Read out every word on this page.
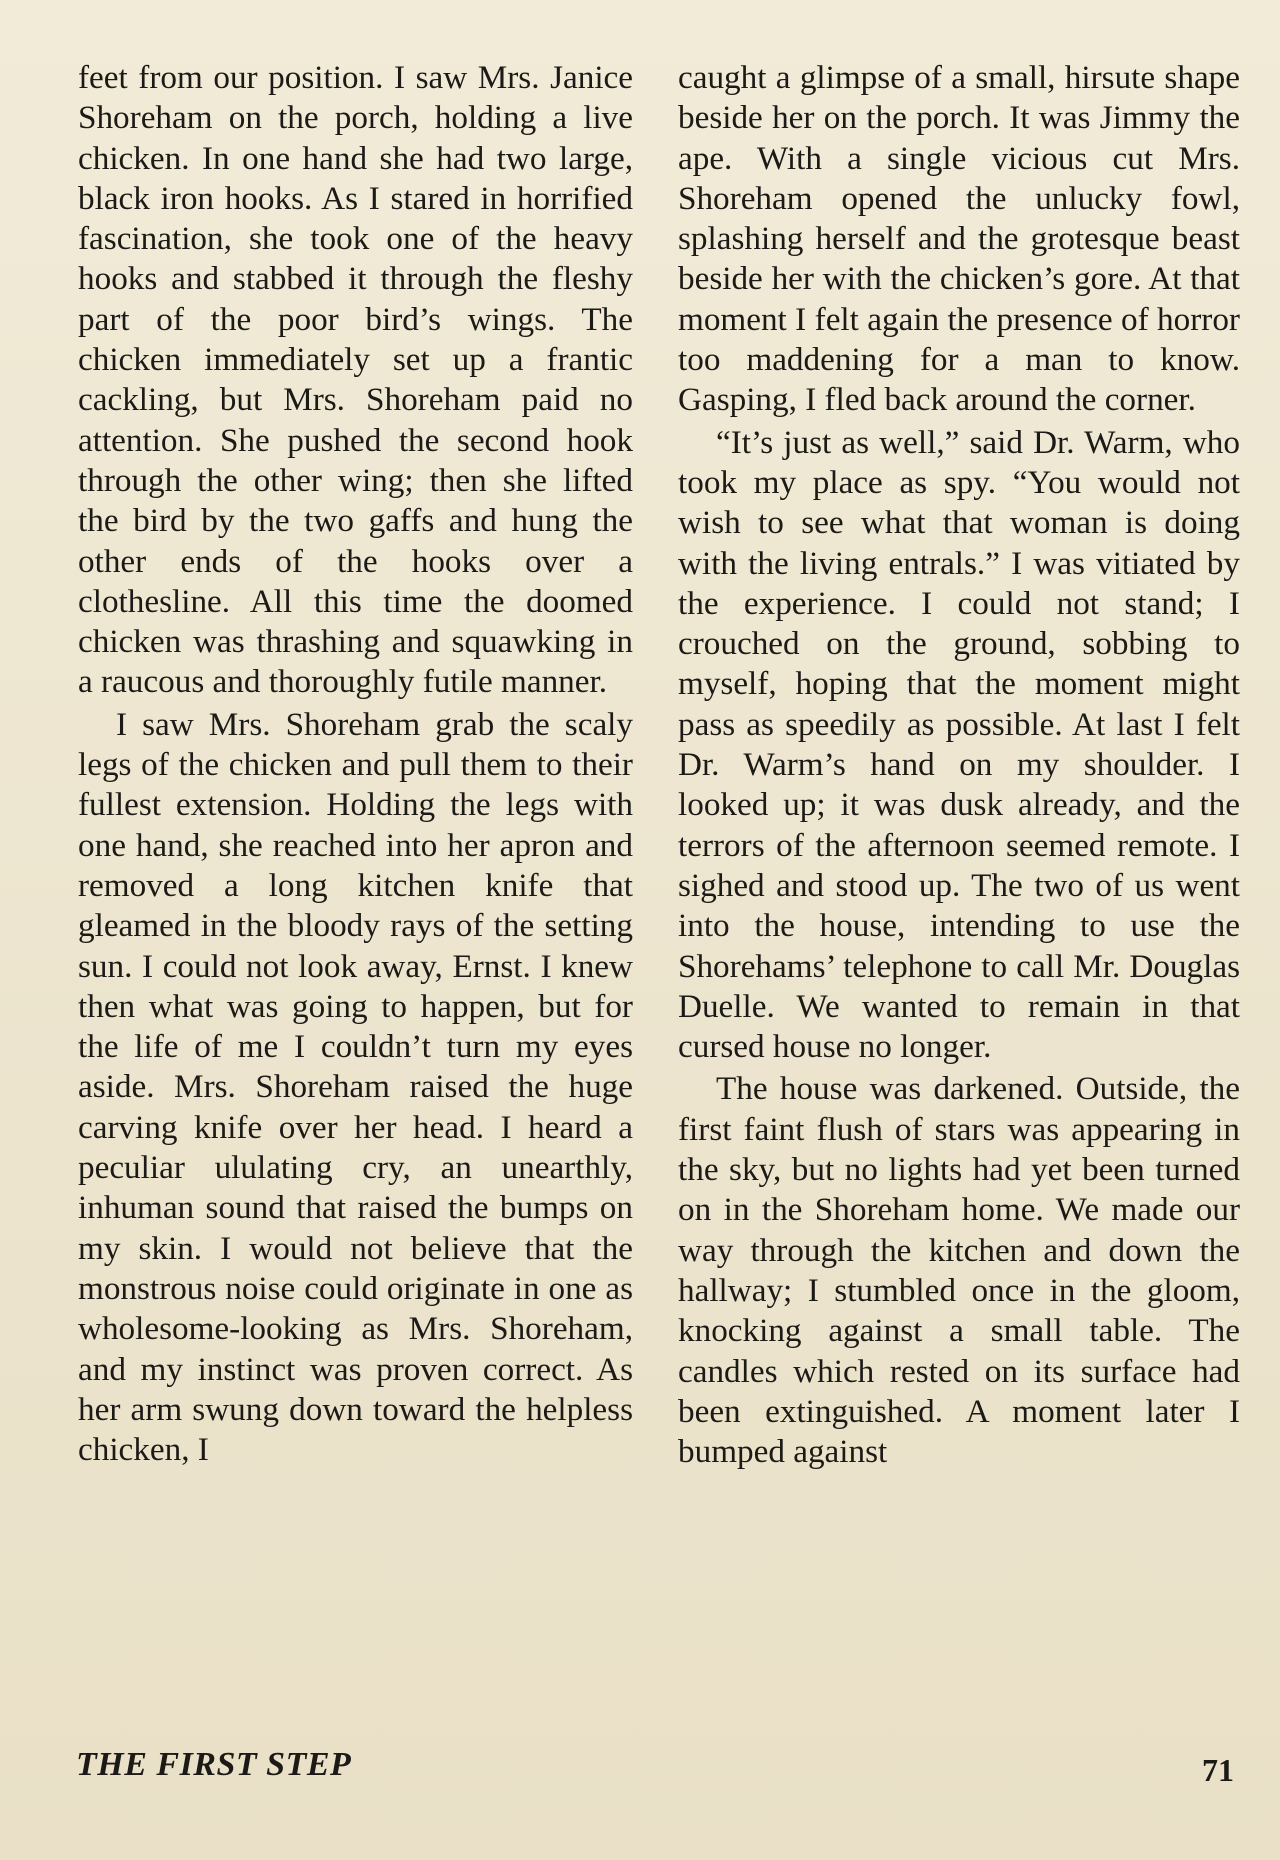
feet from our position. I saw Mrs. Janice Shoreham on the porch, holding a live chicken. In one hand she had two large, black iron hooks. As I stared in horrified fascination, she took one of the heavy hooks and stabbed it through the fleshy part of the poor bird’s wings. The chicken immediately set up a frantic cackling, but Mrs. Shoreham paid no attention. She pushed the second hook through the other wing; then she lifted the bird by the two gaffs and hung the other ends of the hooks over a clothesline. All this time the doomed chicken was thrashing and squawking in a raucous and thoroughly futile manner.

I saw Mrs. Shoreham grab the scaly legs of the chicken and pull them to their fullest extension. Holding the legs with one hand, she reached into her apron and removed a long kitchen knife that gleamed in the bloody rays of the setting sun. I could not look away, Ernst. I knew then what was going to happen, but for the life of me I couldn’t turn my eyes aside. Mrs. Shoreham raised the huge carving knife over her head. I heard a peculiar ululating cry, an unearthly, inhuman sound that raised the bumps on my skin. I would not believe that the monstrous noise could originate in one as wholesome-looking as Mrs. Shoreham, and my instinct was proven correct. As her arm swung down toward the helpless chicken, I

caught a glimpse of a small, hirsute shape beside her on the porch. It was Jimmy the ape. With a single vicious cut Mrs. Shoreham opened the unlucky fowl, splashing herself and the grotesque beast beside her with the chicken’s gore. At that moment I felt again the presence of horror too maddening for a man to know. Gasping, I fled back around the corner.

“It’s just as well,” said Dr. Warm, who took my place as spy. “You would not wish to see what that woman is doing with the living entrals.” I was vitiated by the experience. I could not stand; I crouched on the ground, sobbing to myself, hoping that the moment might pass as speedily as possible. At last I felt Dr. Warm’s hand on my shoulder. I looked up; it was dusk already, and the terrors of the afternoon seemed remote. I sighed and stood up. The two of us went into the house, intending to use the Shorehams’ telephone to call Mr. Douglas Duelle. We wanted to remain in that cursed house no longer.

The house was darkened. Outside, the first faint flush of stars was appearing in the sky, but no lights had yet been turned on in the Shoreham home. We made our way through the kitchen and down the hallway; I stumbled once in the gloom, knocking against a small table. The candles which rested on its surface had been extinguished. A moment later I bumped against

THE FIRST STEP	71
